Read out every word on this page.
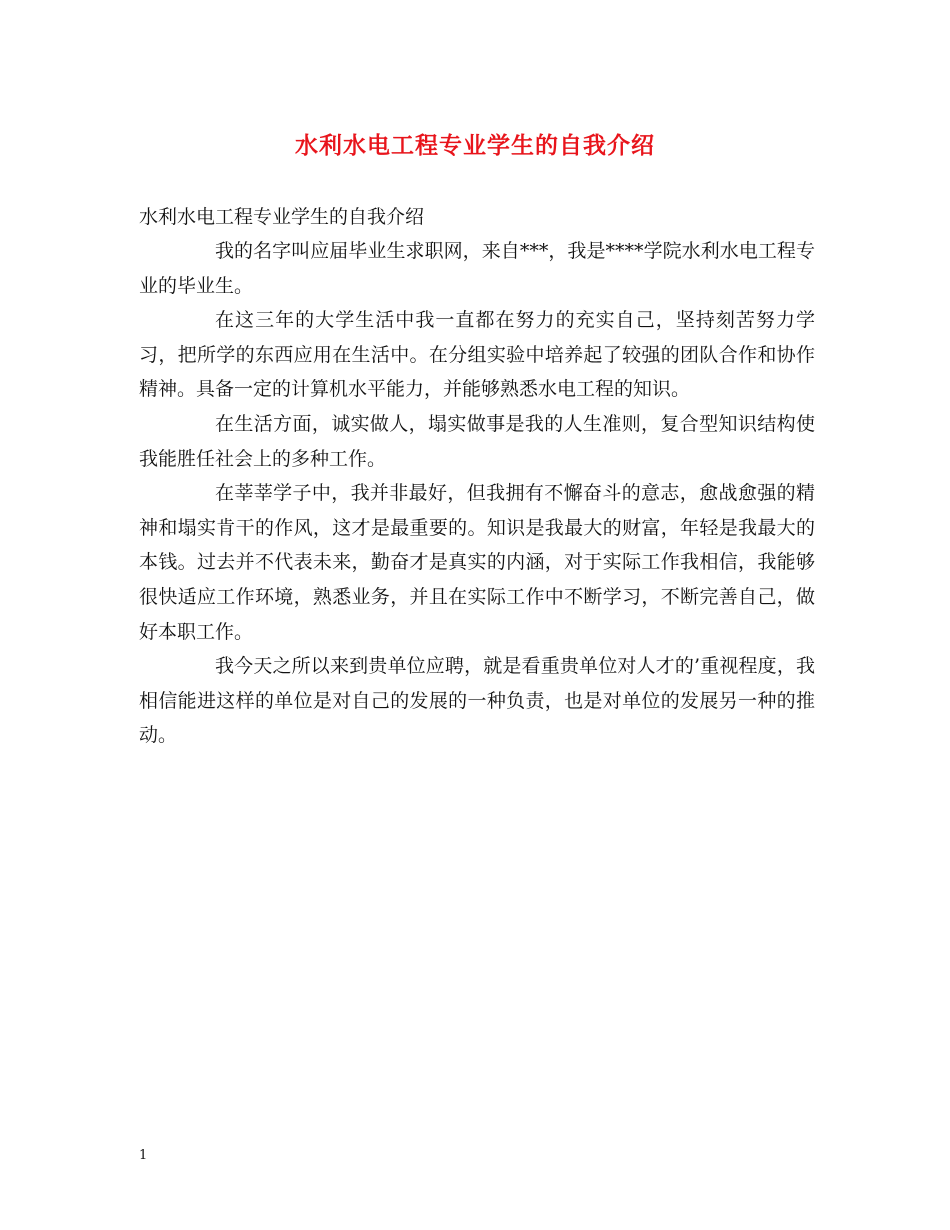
水利水电工程专业学生的自我介绍

水利水电工程专业学生的自我介绍

我的名字叫应届毕业生求职网，来自***，我是****学院水利水电工程专业的毕业生。

在这三年的大学生活中我一直都在努力的充实自己，坚持刻苦努力学习，把所学的东西应用在生活中。在分组实验中培养起了较强的团队合作和协作精神。具备一定的计算机水平能力，并能够熟悉水电工程的知识。

在生活方面，诚实做人，塌实做事是我的人生准则，复合型知识结构使我能胜任社会上的多种工作。

在莘莘学子中，我并非最好，但我拥有不懈奋斗的意志，愈战愈强的精神和塌实肯干的作风，这才是最重要的。知识是我最大的财富，年轻是我最大的本钱。过去并不代表未来，勤奋才是真实的内涵，对于实际工作我相信，我能够很快适应工作环境，熟悉业务，并且在实际工作中不断学习，不断完善自己，做好本职工作。

我今天之所以来到贵单位应聘，就是看重贵单位对人才的’重视程度，我相信能进这样的单位是对自己的发展的一种负责，也是对单位的发展另一种的推动。

1
